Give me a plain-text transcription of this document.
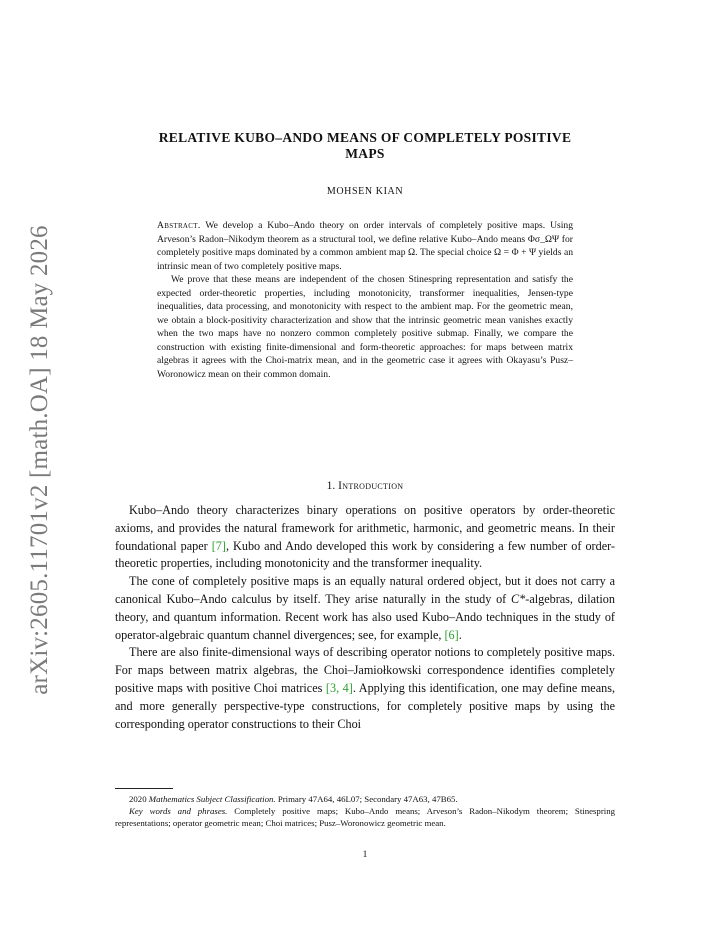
arXiv:2605.11701v2 [math.OA] 18 May 2026
RELATIVE KUBO–ANDO MEANS OF COMPLETELY POSITIVE
MAPS
MOHSEN KIAN

Abstract. We develop a Kubo–Ando theory on order intervals of completely positive maps. Using Arveson’s Radon–Nikodym theorem as a structural tool, we define relative Kubo–Ando means Φσ_ΩΨ for completely positive maps dominated by a common ambient map Ω. The special choice Ω = Φ + Ψ yields an intrinsic mean of two completely positive maps.

We prove that these means are independent of the chosen Stinespring representation and satisfy the expected order-theoretic properties, including monotonicity, transformer inequalities, Jensen-type inequalities, data processing, and monotonicity with respect to the ambient map. For the geometric mean, we obtain a block-positivity characterization and show that the intrinsic geometric mean vanishes exactly when the two maps have no nonzero common completely positive submap. Finally, we compare the construction with existing finite-dimensional and form-theoretic approaches: for maps between matrix algebras it agrees with the Choi-matrix mean, and in the geometric case it agrees with Okayasu’s Pusz–Woronowicz mean on their common domain.

1. Introduction

Kubo–Ando theory characterizes binary operations on positive operators by order-theoretic axioms, and provides the natural framework for arithmetic, harmonic, and geometric means. In their foundational paper [7], Kubo and Ando developed this work by considering a few number of order-theoretic properties, including monotonicity and the transformer inequality.

The cone of completely positive maps is an equally natural ordered object, but it does not carry a canonical Kubo–Ando calculus by itself. They arise naturally in the study of C*-algebras, dilation theory, and quantum information. Recent work has also used Kubo–Ando techniques in the study of operator-algebraic quantum channel divergences; see, for example, [6].

There are also finite-dimensional ways of describing operator notions to completely positive maps. For maps between matrix algebras, the Choi–Jamiołkowski correspondence identifies completely positive maps with positive Choi matrices [3, 4]. Applying this identification, one may define means, and more generally perspective-type constructions, for completely positive maps by using the corresponding operator constructions to their Choi

2020 Mathematics Subject Classification. Primary 47A64, 46L07; Secondary 47A63, 47B65.

Key words and phrases. Completely positive maps; Kubo–Ando means; Arveson’s Radon–Nikodym theorem; Stinespring representations; operator geometric mean; Choi matrices; Pusz–Woronowicz geometric mean.

1
